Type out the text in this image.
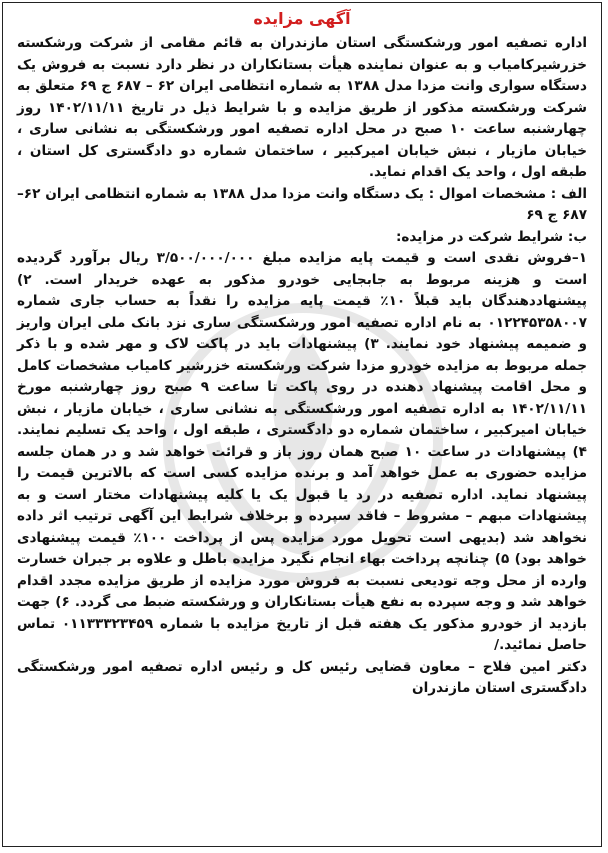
آگهی مزایده

اداره تصفیه امور ورشکستگی استان مازندران به قائم مقامی از شرکت ورشکسته خزرشیرکامیاب و به عنوان نماینده هیأت بستانکاران در نظر دارد نسبت به فروش یک دستگاه سواری وانت مزدا مدل ۱۳۸۸ به شماره انتظامی ایران ۶۲ – ۶۸۷ ج ۶۹ متعلق به شرکت ورشکسته مذکور از طریق مزایده و با شرایط ذیل در تاریخ ۱۴۰۲/۱۱/۱۱ روز چهارشنبه ساعت ۱۰ صبح در محل اداره تصفیه امور ورشکستگی به نشانی ساری ، خیابان مازیار ، نبش خیابان امیرکبیر ، ساختمان شماره دو دادگستری کل استان ، طبقه اول ، واحد یک اقدام نماید.

الف : مشخصات اموال : یک دستگاه وانت مزدا مدل ۱۳۸۸ به شماره انتظامی ایران ۶۲– ۶۸۷ ج ۶۹

ب: شرایط شرکت در مزایده:

۱–فروش نقدی است و قیمت پایه مزایده مبلغ ۳/۵۰۰/۰۰۰/۰۰۰ ریال برآورد گردیده است و هزینه مربوط به جابجایی خودرو مذکور به عهده خریدار است. ۲) پیشنهاددهندگان باید قبلاً ۱۰٪ قیمت پایه مزایده را نقداً به حساب جاری شماره ۰۱۲۲۴۵۳۵۸۰۰۷ به نام اداره تصفیه امور ورشکستگی ساری نزد بانک ملی ایران واریز و ضمیمه پیشنهاد خود نمایند. ۳) پیشنهادات باید در پاکت لاک و مهر شده و با ذکر جمله مربوط به مزایده خودرو مزدا شرکت ورشکسته خزرشیر کامیاب مشخصات کامل و محل اقامت پیشنهاد دهنده در روی پاکت تا ساعت ۹ صبح روز چهارشنبه مورخ ۱۴۰۲/۱۱/۱۱ به اداره تصفیه امور ورشکستگی به نشانی ساری ، خیابان مازیار ، نبش خیابان امیرکبیر ، ساختمان شماره دو دادگستری ، طبقه اول ، واحد یک تسلیم نمایند. ۴) پیشنهادات در ساعت ۱۰ صبح همان روز باز و قرائت خواهد شد و در همان جلسه مزایده حضوری به عمل خواهد آمد و برنده مزایده کسی است که بالاترین قیمت را پیشنهاد نماید. اداره تصفیه در رد یا قبول یک یا کلیه پیشنهادات مختار است و به پیشنهادات مبهم – مشروط – فاقد سپرده و برخلاف شرایط این آگهی ترتیب اثر داده نخواهد شد (بدیهی است تحویل مورد مزایده پس از پرداخت ۱۰۰٪ قیمت پیشنهادی خواهد بود) ۵) چنانچه پرداخت بهاء انجام نگیرد مزایده باطل و علاوه بر جبران خسارت وارده از محل وجه تودیعی نسبت به فروش مورد مزایده از طریق مزایده مجدد اقدام خواهد شد و وجه سپرده به نفع هیأت بستانکاران و ورشکسته ضبط می گردد. ۶) جهت بازدید از خودرو مذکور یک هفته قبل از تاریخ مزایده با شماره ۰۱۱۳۳۳۲۳۴۵۹ تماس حاصل نمائید./

دکتر امین فلاح – معاون قضایی رئیس کل و رئیس اداره تصفیه امور ورشکستگی دادگستری استان مازندران
